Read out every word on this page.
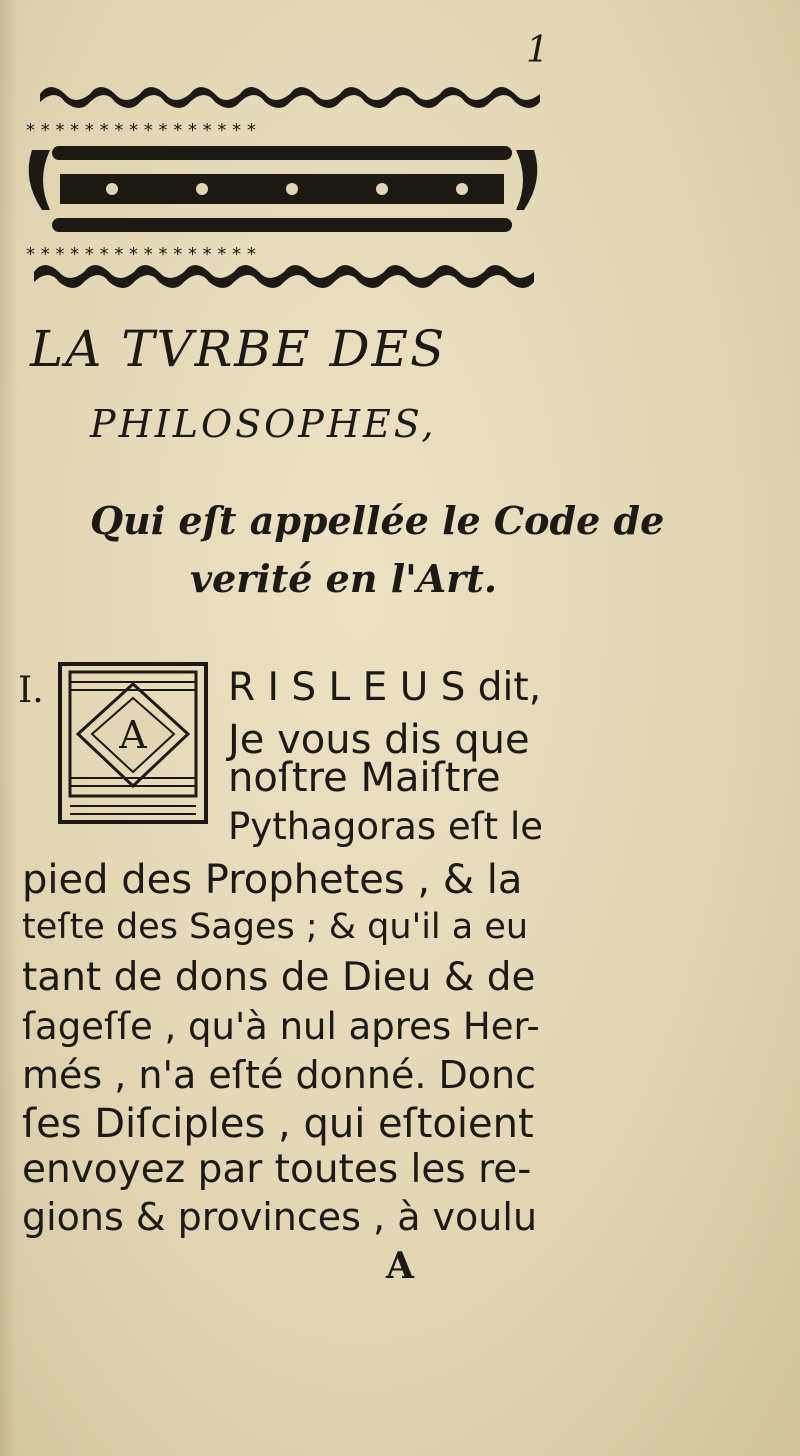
1
* * * * * * * * * * * * * * * *
* * * * * * * * * * * * * * * *
LA TVRBE DES
PHILOSOPHES,
Qui eſt appellée le Code de
verité en l'Art.
I.
A
R I S L E U S dit,
Je vous dis que
noſtre Maiſtre
Pythagoras eſt le
pied des Prophetes , & la
teſte des Sages ; & qu'il a eu
tant de dons de Dieu & de
ſageſſe , qu'à nul apres Her-
més , n'a eſté donné. Donc
ſes Diſciples , qui eſtoient
envoyez par toutes les re-
gions & provinces , à voulu
A
